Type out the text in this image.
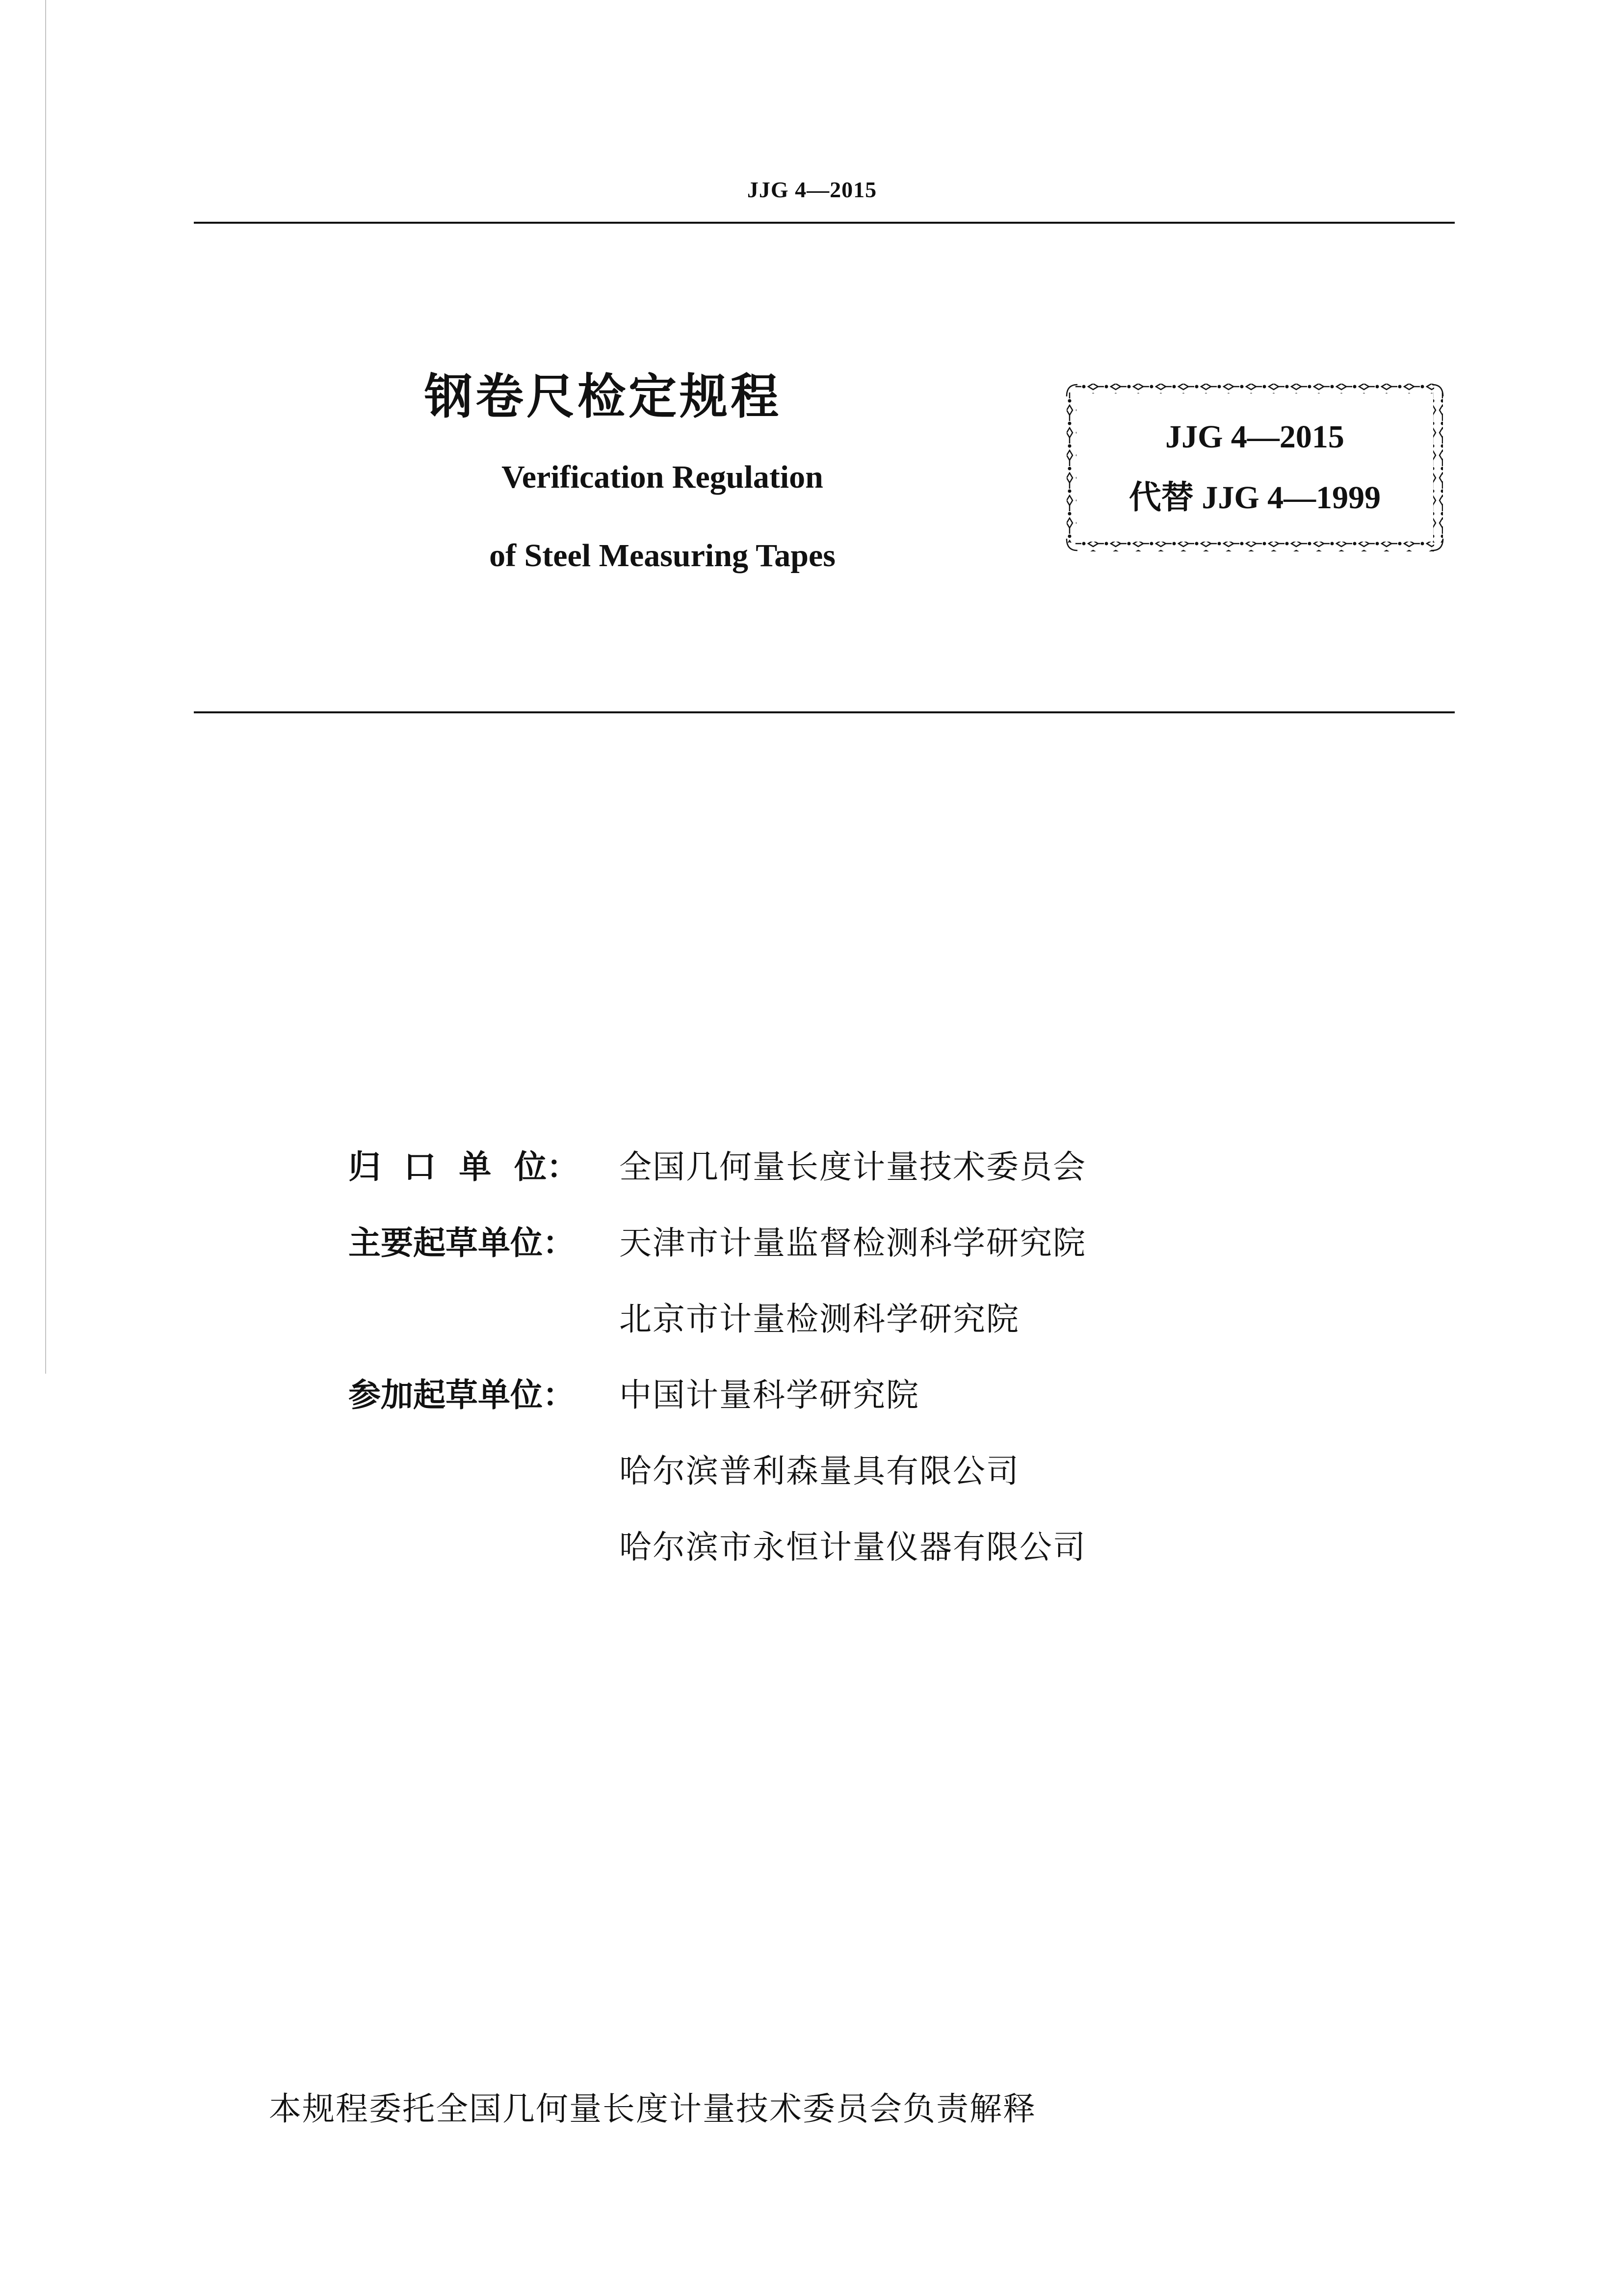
JJG 4—2015
钢卷尺检定规程
Verification Regulation
of Steel Measuring Tapes
JJG 4—2015
代替 JJG 4—1999
归 口 单 位： 全国几何量长度计量技术委员会
主要起草单位： 天津市计量监督检测科学研究院
北京市计量检测科学研究院
参加起草单位： 中国计量科学研究院
哈尔滨普利森量具有限公司
哈尔滨市永恒计量仪器有限公司
本规程委托全国几何量长度计量技术委员会负责解释
